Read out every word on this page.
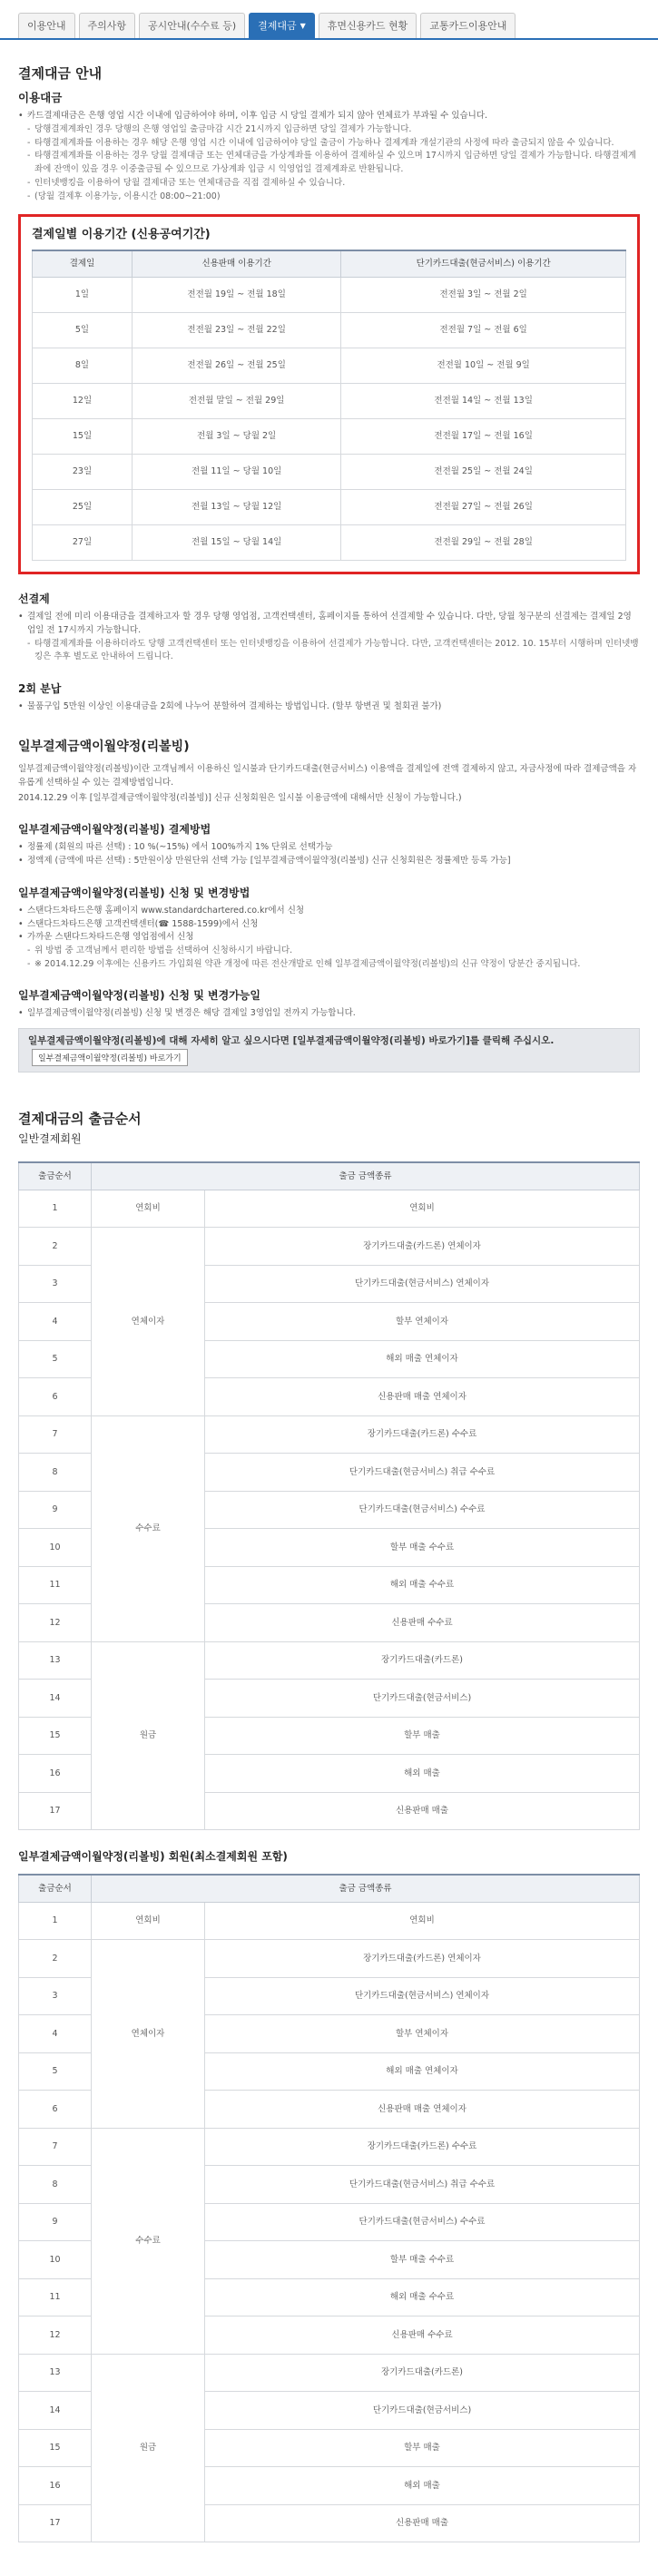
이용안내 주의사항 공시안내(수수료 등) 결제대금 ▼ 휴면신용카드 현황 교통카드이용안내
결제대금 안내
이용대금
• 카드결제대금은 은행 영업 시간 이내에 입금하여야 하며, 이후 입금 시 당일 결제가 되지 않아 연체료가 부과될 수 있습니다.
- 당행결제계좌인 경우 당행의 은행 영업일 출금마감 시간 21시까지 입금하면 당일 결제가 가능합니다.
- 타행결제계좌를 이용하는 경우 해당 은행 영업 시간 이내에 입금하여야 당일 출금이 가능하나 결제계좌 개설기관의 사정에 따라 출금되지 않을 수 있습니다.
- 타행결제계좌를 이용하는 경우 당월 결제대금 또는 연체대금을 가상계좌를 이용하여 결제하실 수 있으며 17시까지 입금하면 당일 결제가 가능합니다. 타행결제계좌에 잔액이 있을 경우 이중출금될 수 있으므로 가상계좌 입금 시 익영업일 결제계좌로 반환됩니다.
- 인터넷뱅킹을 이용하여 당월 결제대금 또는 연체대금을 직접 결제하실 수 있습니다.
- (당월 결제후 이용가능, 이용시간 08:00~21:00)
결제일별 이용기간 (신용공여기간)
결제일	신용판매 이용기간	단기카드대출(현금서비스) 이용기간
1일	전전월 19일 ~ 전월 18일	전전월 3일 ~ 전월 2일
5일	전전월 23일 ~ 전월 22일	전전월 7일 ~ 전월 6일
8일	전전월 26일 ~ 전월 25일	전전월 10일 ~ 전월 9일
12일	전전월 말일 ~ 전월 29일	전전월 14일 ~ 전월 13일
15일	전월 3일 ~ 당월 2일	전전월 17일 ~ 전월 16일
23일	전월 11일 ~ 당월 10일	전전월 25일 ~ 전월 24일
25일	전월 13일 ~ 당월 12일	전전월 27일 ~ 전월 26일
27일	전월 15일 ~ 당월 14일	전전월 29일 ~ 전월 28일
선결제
• 결제일 전에 미리 이용대금을 결제하고자 할 경우 당행 영업점, 고객컨택센터, 홈페이지를 통하여 선결제할 수 있습니다. 다만, 당월 청구분의 선결제는 결제일 2영업일 전 17시까지 가능합니다.
- 타행결제계좌를 이용하더라도 당행 고객컨택센터 또는 인터넷뱅킹을 이용하여 선결제가 가능합니다. 다만, 고객컨택센터는 2012. 10. 15부터 시행하며 인터넷뱅킹은 추후 별도로 안내하여 드립니다.
2회 분납
• 물품구입 5만원 이상인 이용대금을 2회에 나누어 분할하여 결제하는 방법입니다. (할부 항변권 및 철회권 불가)
일부결제금액이월약정(리볼빙)

일부결제금액이월약정(리볼빙)이란 고객님께서 이용하신 일시불과 단기카드대출(현금서비스) 이용액을 결제일에 전액 결제하지 않고, 자금사정에 따라 결제금액을 자유롭게 선택하실 수 있는 결제방법입니다.

2014.12.29 이후 [일부결제금액이월약정(리볼빙)] 신규 신청회원은 일시불 이용금액에 대해서만 신청이 가능합니다.)

일부결제금액이월약정(리볼빙) 결제방법
• 정률제 (회원의 따른 선택) : 10 %(~15%) 에서 100%까지 1% 단위로 선택가능
• 정액제 (금액에 따른 선택) : 5만원이상 만원단위 선택 가능 [일부결제금액이월약정(리볼빙) 신규 신청회원은 정률제만 등록 가능]
일부결제금액이월약정(리볼빙) 신청 및 변경방법
• 스탠다드차타드은행 홈페이지 www.standardchartered.co.kr에서 신청
• 스탠다드차타드은행 고객컨택센터(☎ 1588-1599)에서 신청
• 가까운 스탠다드차타드은행 영업점에서 신청
- 위 방법 중 고객님께서 편리한 방법을 선택하여 신청하시기 바랍니다.
- ※ 2014.12.29 이후에는 신용카드 가입회원 약관 개정에 따른 전산개발로 인해 일부결제금액이월약정(리볼빙)의 신규 약정이 당분간 중지됩니다.
일부결제금액이월약정(리볼빙) 신청 및 변경가능일
• 일부결제금액이월약정(리볼빙) 신청 및 변경은 해당 결제일 3영업일 전까지 가능합니다.
일부결제금액이월약정(리볼빙)에 대해 자세히 알고 싶으시다면 [일부결제금액이월약정(리볼빙) 바로가기]를 클릭해 주십시오. 일부결제금액이월약정(리볼빙) 바로가기
결제대금의 출금순서
일반결제회원
출금순서	출금 금액종류	
1	연회비	연회비
2	연체이자	장기카드대출(카드론) 연체이자
3		단기카드대출(현금서비스) 연체이자
4		할부 연체이자
5		해외 매출 연체이자
6		신용판매 매출 연체이자
7	수수료	장기카드대출(카드론) 수수료
8		단기카드대출(현금서비스) 취급 수수료
9		단기카드대출(현금서비스) 수수료
10		할부 매출 수수료
11		해외 매출 수수료
12		신용판매 수수료
13	원금	장기카드대출(카드론)
14		단기카드대출(현금서비스)
15		할부 매출
16		해외 매출
17		신용판매 매출
일부결제금액이월약정(리볼빙) 회원(최소결제회원 포함)
출금순서	출금 금액종류	
1	연회비	연회비
2	연체이자	장기카드대출(카드론) 연체이자
3		단기카드대출(현금서비스) 연체이자
4		할부 연체이자
5		해외 매출 연체이자
6		신용판매 매출 연체이자
7	수수료	장기카드대출(카드론) 수수료
8		단기카드대출(현금서비스) 취급 수수료
9		단기카드대출(현금서비스) 수수료
10		할부 매출 수수료
11		해외 매출 수수료
12		신용판매 수수료
13	원금	장기카드대출(카드론)
14		단기카드대출(현금서비스)
15		할부 매출
16		해외 매출
17		신용판매 매출
